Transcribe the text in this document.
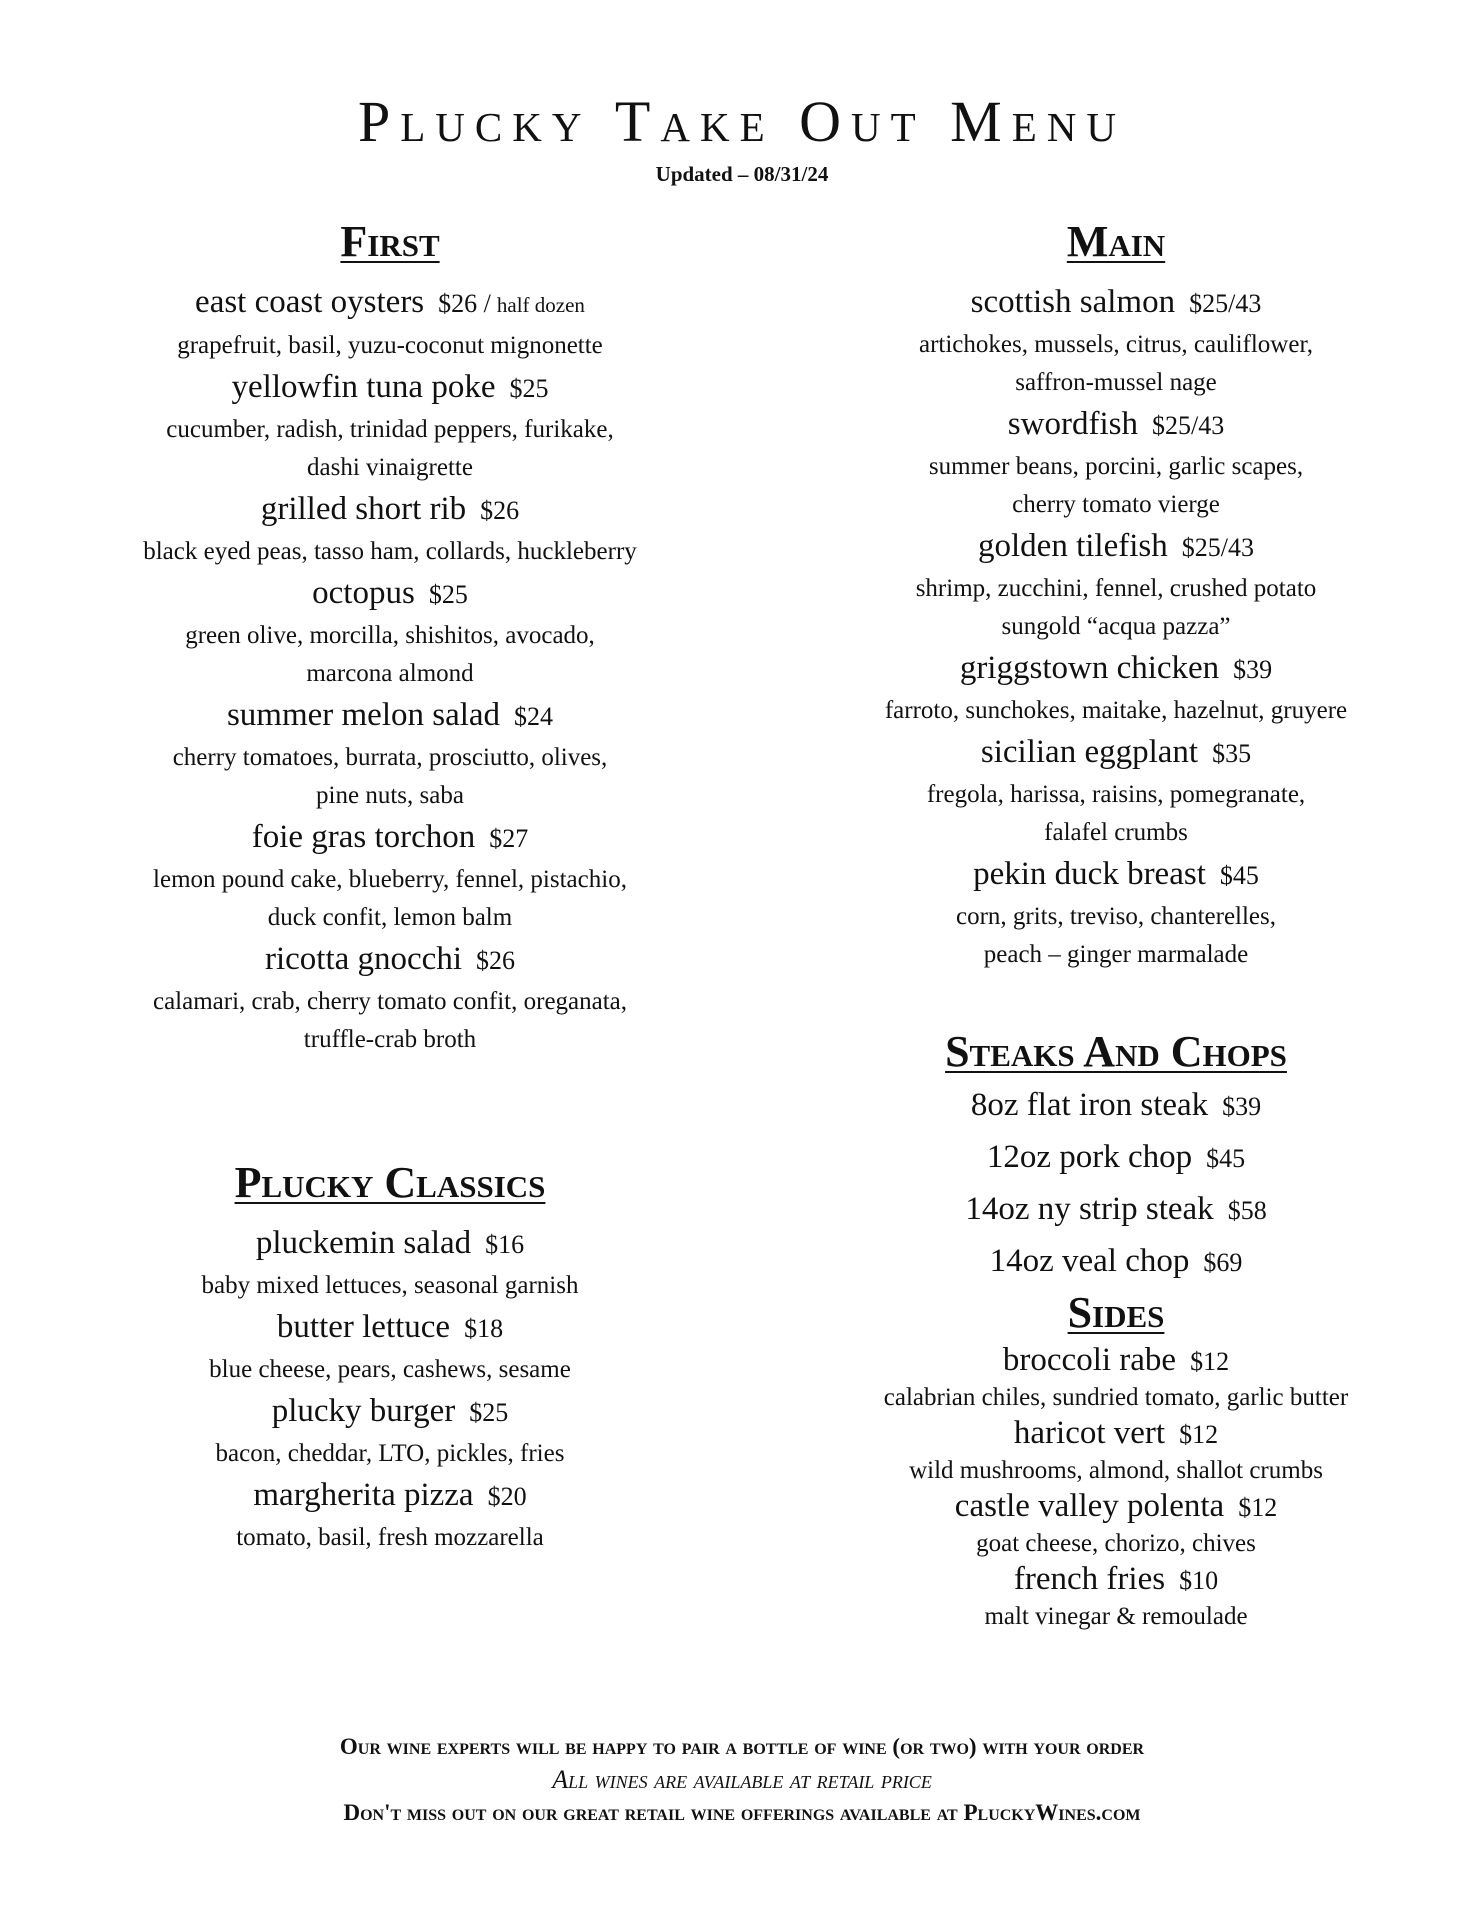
Plucky Take Out Menu
Updated – 08/31/24
First
east coast oysters $26 / half dozen
grapefruit, basil, yuzu-coconut mignonette
yellowfin tuna poke $25
cucumber, radish, trinidad peppers, furikake,
dashi vinaigrette
grilled short rib $26
black eyed peas, tasso ham, collards, huckleberry
octopus $25
green olive, morcilla, shishitos, avocado,
marcona almond
summer melon salad $24
cherry tomatoes, burrata, prosciutto, olives,
pine nuts, saba
foie gras torchon $27
lemon pound cake, blueberry, fennel, pistachio,
duck confit, lemon balm
ricotta gnocchi $26
calamari, crab, cherry tomato confit, oreganata,
truffle-crab broth
Plucky Classics
pluckemin salad $16
baby mixed lettuces, seasonal garnish
butter lettuce $18
blue cheese, pears, cashews, sesame
plucky burger $25
bacon, cheddar, LTO, pickles, fries
margherita pizza $20
tomato, basil, fresh mozzarella
Main
scottish salmon $25/43
artichokes, mussels, citrus, cauliflower,
saffron-mussel nage
swordfish $25/43
summer beans, porcini, garlic scapes,
cherry tomato vierge
golden tilefish $25/43
shrimp, zucchini, fennel, crushed potato
sungold “acqua pazza”
griggstown chicken $39
farroto, sunchokes, maitake, hazelnut, gruyere
sicilian eggplant $35
fregola, harissa, raisins, pomegranate,
falafel crumbs
pekin duck breast $45
corn, grits, treviso, chanterelles,
peach – ginger marmalade
Steaks And Chops
8oz flat iron steak $39
12oz pork chop $45
14oz ny strip steak $58
14oz veal chop $69
Sides
broccoli rabe $12
calabrian chiles, sundried tomato, garlic butter
haricot vert $12
wild mushrooms, almond, shallot crumbs
castle valley polenta $12
goat cheese, chorizo, chives
french fries $10
malt vinegar & remoulade
Our wine experts will be happy to pair a bottle of wine (or two) with your order
All wines are available at retail price
Don't miss out on our great retail wine offerings available at PluckyWines.com
